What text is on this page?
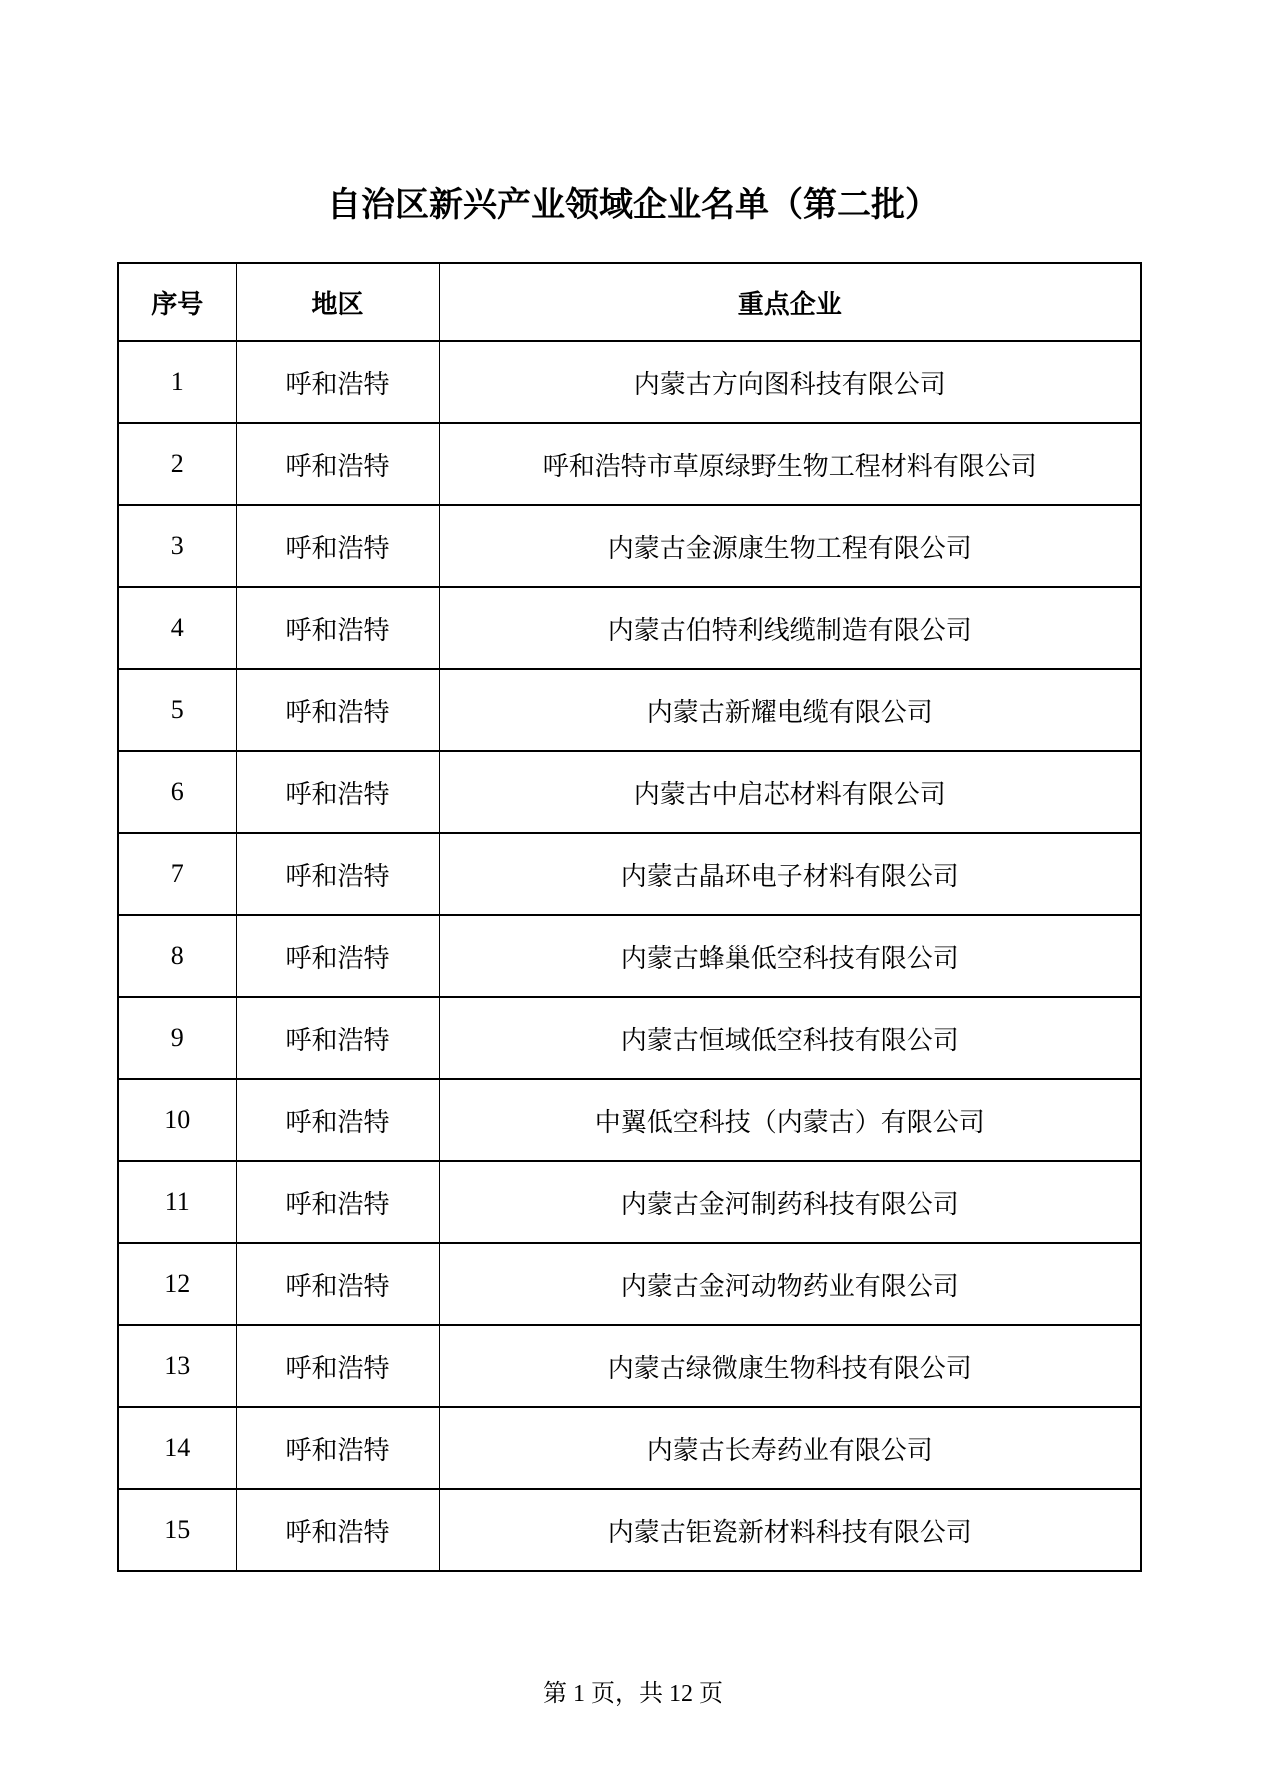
自治区新兴产业领域企业名单（第二批）
序号	地区	重点企业
1	呼和浩特	内蒙古方向图科技有限公司
2	呼和浩特	呼和浩特市草原绿野生物工程材料有限公司
3	呼和浩特	内蒙古金源康生物工程有限公司
4	呼和浩特	内蒙古伯特利线缆制造有限公司
5	呼和浩特	内蒙古新耀电缆有限公司
6	呼和浩特	内蒙古中启芯材料有限公司
7	呼和浩特	内蒙古晶环电子材料有限公司
8	呼和浩特	内蒙古蜂巢低空科技有限公司
9	呼和浩特	内蒙古恒域低空科技有限公司
10	呼和浩特	中翼低空科技（内蒙古）有限公司
11	呼和浩特	内蒙古金河制药科技有限公司
12	呼和浩特	内蒙古金河动物药业有限公司
13	呼和浩特	内蒙古绿微康生物科技有限公司
14	呼和浩特	内蒙古长寿药业有限公司
15	呼和浩特	内蒙古钜瓷新材料科技有限公司
第 1 页，共 12 页
